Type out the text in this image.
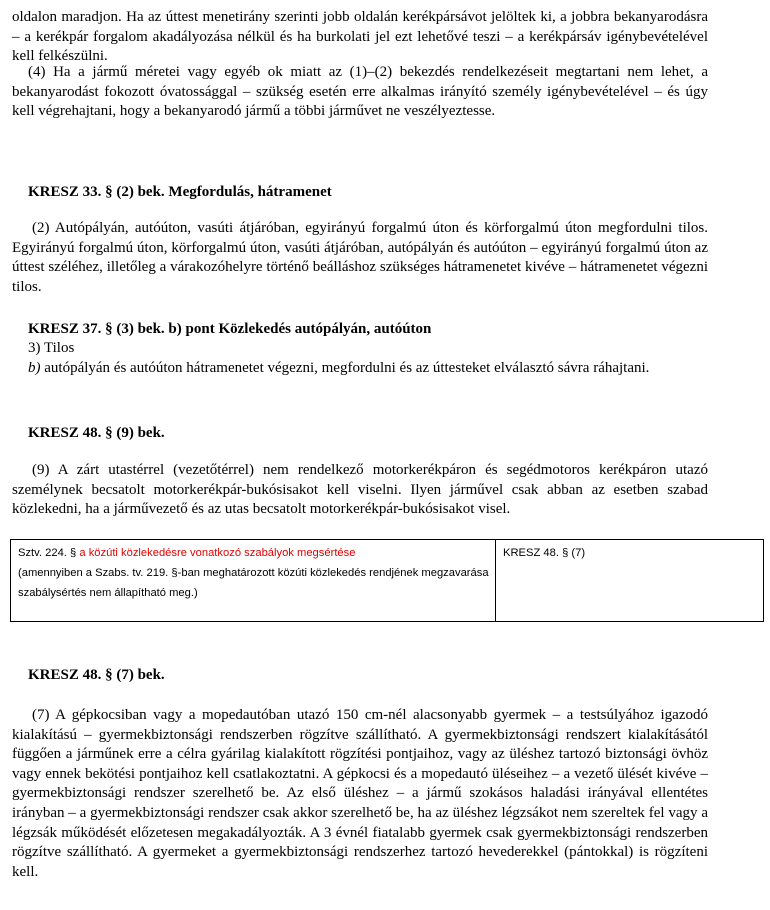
oldalon maradjon. Ha az úttest menetirány szerinti jobb oldalán kerékpársávot jelöltek ki, a jobbra bekanyarodásra – a kerékpár forgalom akadályozása nélkül és ha burkolati jel ezt lehetővé teszi – a kerékpársáv igénybevételével kell felkészülni.

(4) Ha a jármű méretei vagy egyéb ok miatt az (1)–(2) bekezdés rendelkezéseit megtartani nem lehet, a bekanyarodást fokozott óvatossággal – szükség esetén erre alkalmas irányító személy igénybevételével – és úgy kell végrehajtani, hogy a bekanyarodó jármű a többi járművet ne veszélyeztesse.

KRESZ 33. § (2) bek. Megfordulás, hátramenet

(2) Autópályán, autóúton, vasúti átjáróban, egyirányú forgalmú úton és körforgalmú úton megfordulni tilos. Egyirányú forgalmú úton, körforgalmú úton, vasúti átjáróban, autópályán és autóúton – egyirányú forgalmú úton az úttest széléhez, illetőleg a várakozóhelyre történő beálláshoz szükséges hátramenetet kivéve – hátramenetet végezni tilos.

KRESZ 37. § (3) bek. b) pont Közlekedés autópályán, autóúton

3) Tilos

b) autópályán és autóúton hátramenetet végezni, megfordulni és az úttesteket elválasztó sávra ráhajtani.

KRESZ 48. § (9) bek.

(9) A zárt utastérrel (vezetőtérrel) nem rendelkező motorkerékpáron és segédmotoros kerékpáron utazó személynek becsatolt motorkerékpár-bukósisakot kell viselni. Ilyen járművel csak abban az esetben szabad közlekedni, ha a járművezető és az utas becsatolt motorkerékpár-bukósisakot visel.

Sztv. 224. § a közúti közlekedésre vonatkozó szabályok megsértése
(amennyiben a Szabs. tv. 219. §-ban meghatározott közúti közlekedés rendjének megzavarása szabálysértés nem állapítható meg.)	KRESZ 48. § (7)

KRESZ 48. § (7) bek.

(7) A gépkocsiban vagy a mopedautóban utazó 150 cm-nél alacsonyabb gyermek – a testsúlyához igazodó kialakítású – gyermekbiztonsági rendszerben rögzítve szállítható. A gyermekbiztonsági rendszert kialakításától függően a járműnek erre a célra gyárilag kialakított rögzítési pontjaihoz, vagy az üléshez tartozó biztonsági övhöz vagy ennek bekötési pontjaihoz kell csatlakoztatni. A gépkocsi és a mopedautó üléseihez – a vezető ülését kivéve – gyermekbiztonsági rendszer szerelhető be. Az első üléshez – a jármű szokásos haladási irányával ellentétes irányban – a gyermekbiztonsági rendszer csak akkor szerelhető be, ha az üléshez légzsákot nem szereltek fel vagy a légzsák működését előzetesen megakadályozták. A 3 évnél fiatalabb gyermek csak gyermekbiztonsági rendszerben rögzítve szállítható. A gyermeket a gyermekbiztonsági rendszerhez tartozó hevederekkel (pántokkal) is rögzíteni kell.
